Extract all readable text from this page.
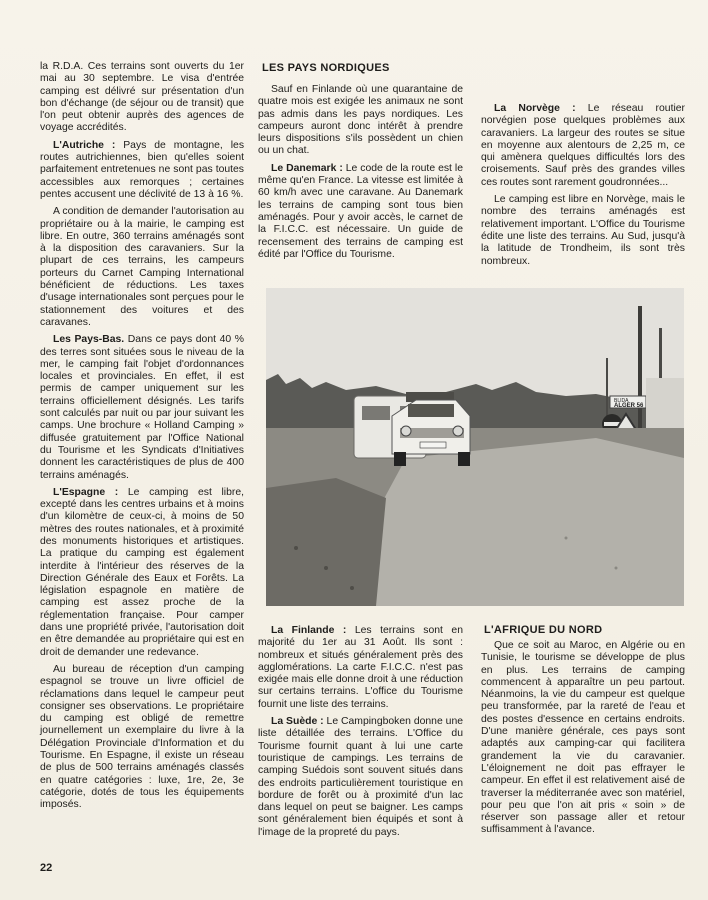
la R.D.A. Ces terrains sont ouverts du 1er mai au 30 septembre. Le visa d'entrée camping est délivré sur présentation d'un bon d'échange (de séjour ou de transit) que l'on peut obtenir auprès des agences de voyage accrédités.

L'Autriche : Pays de montagne, les routes autrichiennes, bien qu'elles soient parfaitement entretenues ne sont pas toutes accessibles aux remorques ; certaines pentes accusent une déclivité de 13 à 16 %.

A condition de demander l'autorisation au propriétaire ou à la mairie, le camping est libre. En outre, 360 terrains aménagés sont à la disposition des caravaniers. Sur la plupart de ces terrains, les campeurs porteurs du Carnet Camping International bénéficient de réductions. Les taxes d'usage internationales sont perçues pour le stationnement des voitures et des caravanes.

Les Pays-Bas. Dans ce pays dont 40 % des terres sont situées sous le niveau de la mer, le camping fait l'objet d'ordonnances locales et provinciales. En effet, il est permis de camper uniquement sur les terrains officiellement désignés. Les tarifs sont calculés par nuit ou par jour suivant les camps. Une brochure « Holland Camping » diffusée gratuitement par l'Office National du Tourisme et les Syndicats d'Initiatives donnent les caractéristiques de plus de 400 terrains aménagés.

L'Espagne : Le camping est libre, excepté dans les centres urbains et à moins d'un kilomètre de ceux-ci, à moins de 50 mètres des routes nationales, et à proximité des monuments historiques et artistiques. La pratique du camping est également interdite à l'intérieur des réserves de la Direction Générale des Eaux et Forêts. La législation espagnole en matière de camping est assez proche de la réglementation française. Pour camper dans une propriété privée, l'autorisation doit en être demandée au propriétaire qui est en droit de demander une redevance.

Au bureau de réception d'un camping espagnol se trouve un livre officiel de réclamations dans lequel le campeur peut consigner ses observations. Le propriétaire du camping est obligé de remettre journellement un exemplaire du livre à la Délégation Provinciale d'Information et du Tourisme. En Espagne, il existe un réseau de plus de 500 terrains aménagés classés en quatre catégories : luxe, 1re, 2e, 3e catégorie, dotés de tous les équipements imposés.

LES PAYS NORDIQUES

Sauf en Finlande où une quarantaine de quatre mois est exigée les animaux ne sont pas admis dans les pays nordiques. Les campeurs auront donc intérêt à prendre leurs dispositions s'ils possèdent un chien ou un chat.

Le Danemark : Le code de la route est le même qu'en France. La vitesse est limitée à 60 km/h avec une caravane. Au Danemark les terrains de camping sont tous bien aménagés. Pour y avoir accès, le carnet de la F.I.C.C. est nécessaire. Un guide de recensement des terrains de camping est édité par l'Office du Tourisme.

La Norvège : Le réseau routier norvégien pose quelques problèmes aux caravaniers. La largeur des routes se situe en moyenne aux alentours de 2,25 m, ce qui amènera quelques difficultés lors des croisements. Sauf près des grandes villes ces routes sont rarement goudronnées...

Le camping est libre en Norvège, mais le nombre des terrains aménagés est relativement important. L'Office du Tourisme édite une liste des terrains. Au Sud, jusqu'à la latitude de Trondheim, ils sont très nombreux.

BLIDA
ALGER 56

La Finlande : Les terrains sont en majorité du 1er au 31 Août. Ils sont : nombreux et situés généralement près des agglomérations. La carte F.I.C.C. n'est pas exigée mais elle donne droit à une réduction sur certains terrains. L'office du Tourisme fournit une liste des terrains.

La Suède : Le Campingboken donne une liste détaillée des terrains. L'Office du Tourisme fournit quant à lui une carte touristique de campings. Les terrains de camping Suédois sont souvent situés dans des endroits particulièrement touristique en bordure de forêt ou à proximité d'un lac dans lequel on peut se baigner. Les camps sont généralement bien équipés et sont à l'image de la propreté du pays.

L'AFRIQUE DU NORD

Que ce soit au Maroc, en Algérie ou en Tunisie, le tourisme se développe de plus en plus. Les terrains de camping commencent à apparaître un peu partout. Néanmoins, la vie du campeur est quelque peu transformée, par la rareté de l'eau et des postes d'essence en certains endroits. D'une manière générale, ces pays sont adaptés aux camping-car qui facilitera grandement la vie du caravanier. L'éloignement ne doit pas effrayer le campeur. En effet il est relativement aisé de traverser la méditerranée avec son matériel, pour peu que l'on ait pris « soin » de réserver son passage aller et retour suffisamment à l'avance.

22
